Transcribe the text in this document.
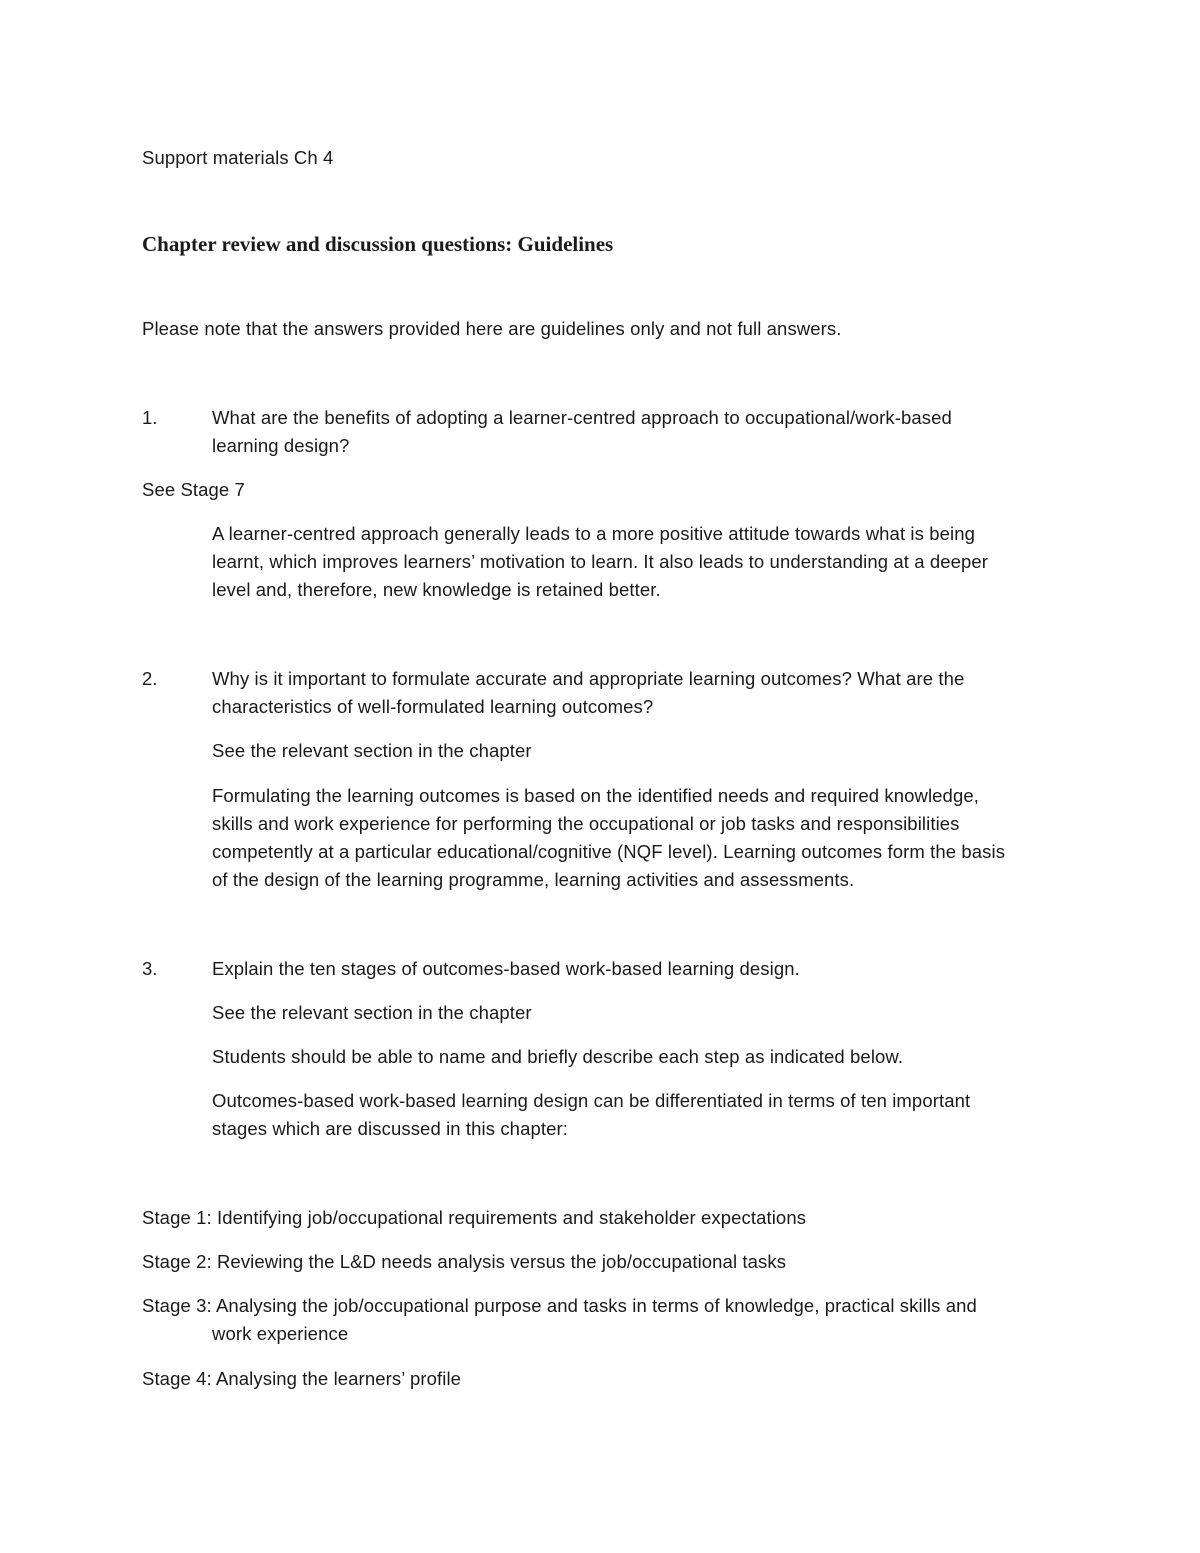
Support materials Ch 4
Chapter review and discussion questions: Guidelines
Please note that the answers provided here are guidelines only and not full answers.
1.	What are the benefits of adopting a learner-centred approach to occupational/work-based
learning design?
See Stage 7
A learner-centred approach generally leads to a more positive attitude towards what is being
learnt, which improves learners’ motivation to learn. It also leads to understanding at a deeper
level and, therefore, new knowledge is retained better.
2.	Why is it important to formulate accurate and appropriate learning outcomes? What are the
characteristics of well-formulated learning outcomes?
See the relevant section in the chapter
Formulating the learning outcomes is based on the identified needs and required knowledge,
skills and work experience for performing the occupational or job tasks and responsibilities
competently at a particular educational/cognitive (NQF level). Learning outcomes form the basis
of the design of the learning programme, learning activities and assessments.
3.	Explain the ten stages of outcomes-based work-based learning design.
See the relevant section in the chapter
Students should be able to name and briefly describe each step as indicated below.
Outcomes-based work-based learning design can be differentiated in terms of ten important
stages which are discussed in this chapter:
Stage 1: Identifying job/occupational requirements and stakeholder expectations
Stage 2: Reviewing the L&D needs analysis versus the job/occupational tasks
Stage 3: Analysing the job/occupational purpose and tasks in terms of knowledge, practical skills and
work experience
Stage 4: Analysing the learners’ profile
